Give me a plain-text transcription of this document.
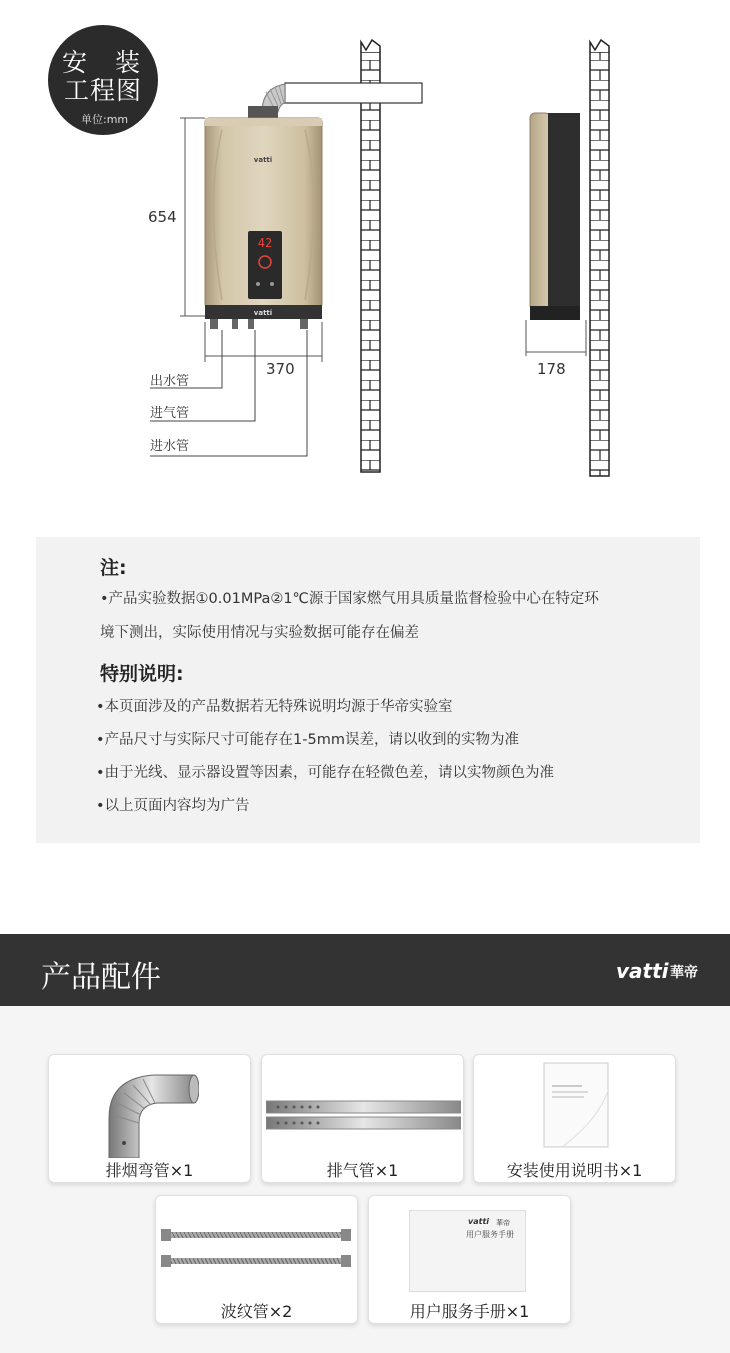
安 装
工程图
单位:mm
42
vatti
vatti
654
370
出水管
进气管
进水管
178
注:
•产品实验数据①0.01MPa②1℃源于国家燃气用具质量监督检验中心在特定环
境下测出，实际使用情况与实验数据可能存在偏差
特别说明:
•本页面涉及的产品数据若无特殊说明均源于华帝实验室
•产品尺寸与实际尺寸可能存在1-5mm误差，请以收到的实物为准
•由于光线、显示器设置等因素，可能存在轻微色差，请以实物颜色为准
•以上页面内容均为广告
产品配件	vatti 華帝
排烟弯管×1	排气管×1	安装使用说明书×1
波纹管×2
vatti 華帝
用户服务手册
用户服务手册×1
